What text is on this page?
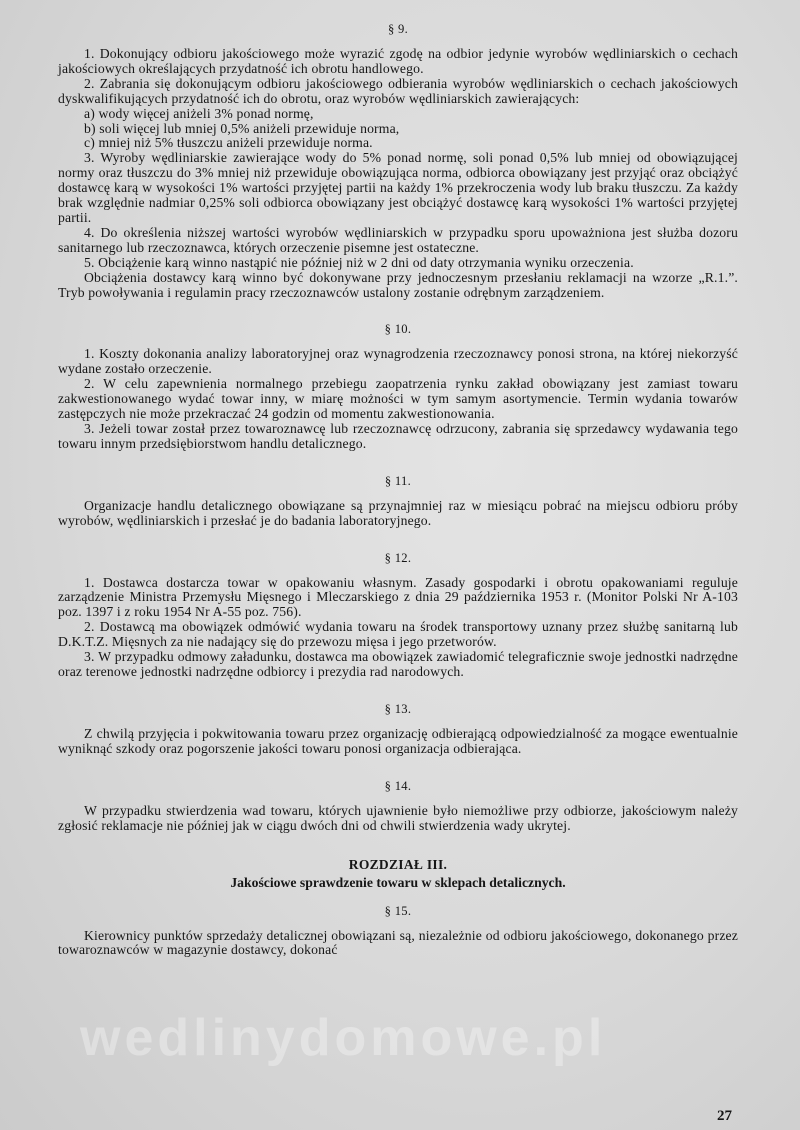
§ 9.

1. Dokonujący odbioru jakościowego może wyrazić zgodę na odbior jedynie wyrobów wędliniarskich o cechach jakościowych określających przydatność ich obrotu handlowego.

2. Zabrania się dokonującym odbioru jakościowego odbierania wyrobów wędliniarskich o cechach jakościowych dyskwalifikujących przydatność ich do obrotu, oraz wyrobów wędliniarskich zawierających:

a) wody więcej aniżeli 3% ponad normę,
b) soli więcej lub mniej 0,5% aniżeli przewiduje norma,
c) mniej niż 5% tłuszczu aniżeli przewiduje norma.

3. Wyroby wędliniarskie zawierające wody do 5% ponad normę, soli ponad 0,5% lub mniej od obowiązującej normy oraz tłuszczu do 3% mniej niż przewiduje obowiązująca norma, odbiorca obowiązany jest przyjąć oraz obciążyć dostawcę karą w wysokości 1% wartości przyjętej partii na każdy 1% przekroczenia wody lub braku tłuszczu. Za każdy brak względnie nadmiar 0,25% soli odbiorca obowiązany jest obciążyć dostawcę karą wysokości 1% wartości przyjętej partii.

4. Do określenia niższej wartości wyrobów wędliniarskich w przypadku sporu upoważniona jest służba dozoru sanitarnego lub rzeczoznawca, których orzeczenie pisemne jest ostateczne.

5. Obciążenie karą winno nastąpić nie później niż w 2 dni od daty otrzymania wyniku orzeczenia.

Obciążenia dostawcy karą winno być dokonywane przy jednoczesnym przesłaniu reklamacji na wzorze „R.1.”. Tryb powoływania i regulamin pracy rzeczoznawców ustalony zostanie odrębnym zarządzeniem.

§ 10.

1. Koszty dokonania analizy laboratoryjnej oraz wynagrodzenia rzeczoznawcy ponosi strona, na której niekorzyść wydane zostało orzeczenie.

2. W celu zapewnienia normalnego przebiegu zaopatrzenia rynku zakład obowiązany jest zamiast towaru zakwestionowanego wydać towar inny, w miarę możności w tym samym asortymencie. Termin wydania towarów zastępczych nie może przekraczać 24 godzin od momentu zakwestionowania.

3. Jeżeli towar został przez towaroznawcę lub rzeczoznawcę odrzucony, zabrania się sprzedawcy wydawania tego towaru innym przedsiębiorstwom handlu detalicznego.

§ 11.

Organizacje handlu detalicznego obowiązane są przynajmniej raz w miesiącu pobrać na miejscu odbioru próby wyrobów, wędliniarskich i przesłać je do badania laboratoryjnego.

§ 12.

1. Dostawca dostarcza towar w opakowaniu własnym. Zasady gospodarki i obrotu opakowaniami reguluje zarządzenie Ministra Przemysłu Mięsnego i Mleczarskiego z dnia 29 października 1953 r. (Monitor Polski Nr A-103 poz. 1397 i z roku 1954 Nr A-55 poz. 756).

2. Dostawcą ma obowiązek odmówić wydania towaru na środek transportowy uznany przez służbę sanitarną lub D.K.T.Z. Mięsnych za nie nadający się do przewozu mięsa i jego przetworów.

3. W przypadku odmowy załadunku, dostawca ma obowiązek zawiadomić telegraficznie swoje jednostki nadrzędne oraz terenowe jednostki nadrzędne odbiorcy i prezydia rad narodowych.

§ 13.

Z chwilą przyjęcia i pokwitowania towaru przez organizację odbierającą odpowiedzialność za mogące ewentualnie wyniknąć szkody oraz pogorszenie jakości towaru ponosi organizacja odbierająca.

§ 14.

W przypadku stwierdzenia wad towaru, których ujawnienie było niemożliwe przy odbiorze, jakościowym należy zgłosić reklamacje nie później jak w ciągu dwóch dni od chwili stwierdzenia wady ukrytej.

ROZDZIAŁ III.

Jakościowe sprawdzenie towaru w sklepach detalicznych.

§ 15.

Kierownicy punktów sprzedaży detalicznej obowiązani są, niezależnie od odbioru jakościowego, dokonanego przez towaroznawców w magazynie dostawcy, dokonać

wedlinydomowe.pl
27
